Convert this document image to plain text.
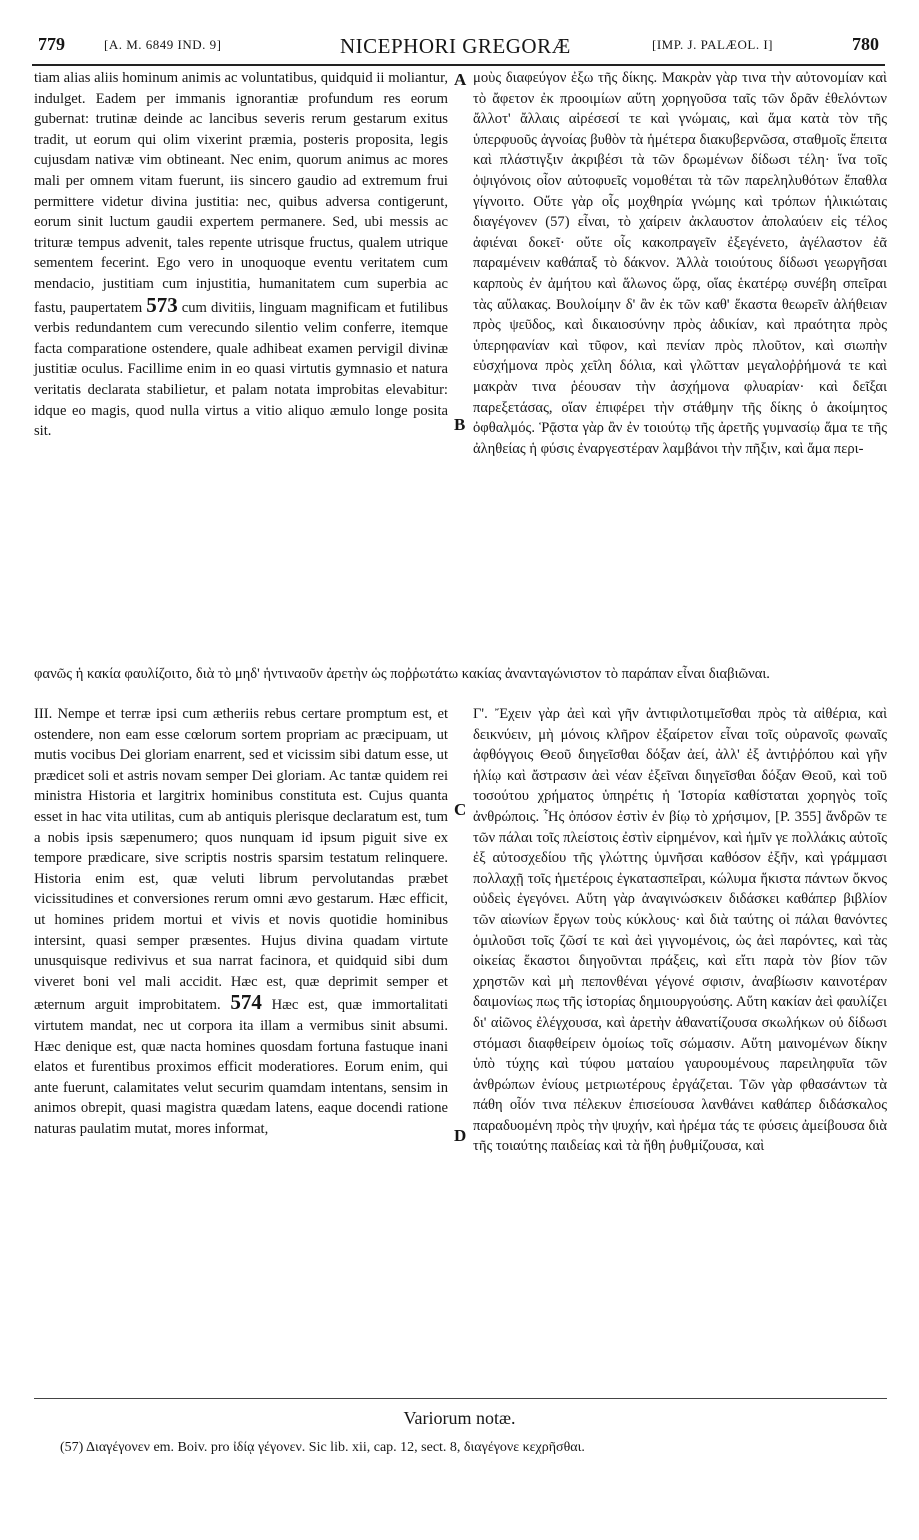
779	[A. M. 6849 IND. 9]	NICEPHORI GREGORÆ	[IMP. J. PALÆOL. I]	780
A
B
C
D

tiam alias aliis hominum animis ac voluntatibus, quidquid ii moliantur, indulget. Eadem per immanis ignorantiæ profundum res eorum gubernat: trutinæ deinde ac lancibus severis rerum gestarum exitus tradit, ut eorum qui olim vixerint præmia, posteris proposita, legis cujusdam nativæ vim obtineant. Nec enim, quorum animus ac mores mali per omnem vitam fuerunt, iis sincero gaudio ad extremum frui permittere videtur divina justitia: nec, quibus adversa contigerunt, eorum sinit luctum gaudii expertem permanere. Sed, ubi messis ac trituræ tempus advenit, tales repente utrisque fructus, qualem utrique sementem fecerint. Ego vero in unoquoque eventu veritatem cum mendacio, justitiam cum injustitia, humanitatem cum superbia ac fastu, paupertatem 573 cum divitiis, linguam magnificam et futilibus verbis redundantem cum verecundo silentio velim conferre, itemque facta comparatione ostendere, quale adhibeat examen pervigil divinæ justitiæ oculus. Facillime enim in eo quasi virtutis gymnasio et natura veritatis declarata stabilietur, et palam notata improbitas elevabitur: idque eo magis, quod nulla virtus a vitio aliquo æmulo longe posita sit.

μοὺς διαφεύγον ἐξω τῆς δίκης. Μακρὰν γὰρ τινα τὴν αὐτονομίαν καὶ τὸ ἄφετον ἐκ προοιμίων αὕτη χορηγοῦσα ταῖς τῶν δρᾶν ἐθελόντων ἄλλοτ' ἄλλαις αἱρέσεσί τε καὶ γνώμαις, καὶ ἅμα κατὰ τὸν τῆς ὑπερφυοῦς ἀγνοίας βυθὸν τὰ ἡμέτερα διακυβερνῶσα, σταθμοῖς ἔπειτα καὶ πλάστιγξιν ἀκριβέσι τὰ τῶν δρωμένων δίδωσι τέλη· ἵνα τοῖς ὀψιγόνοις οἷον αὐτοφυεῖς νομοθέται τὰ τῶν παρεληλυθότων ἔπαθλα γίγνοιτο. Οὔτε γὰρ οἷς μοχθηρία γνώμης καὶ τρόπων ἡλικιώταις διαγέγονεν (57) εἶναι, τὸ χαίρειν ἀκλαυστον ἀπολαύειν εἰς τέλος ἀφιέναι δοκεῖ· οὔτε οἷς κακοπραγεῖν ἐξεγένετο, ἀγέλαστον ἐᾶ παραμένειν καθάπαξ τὸ δάκνον. Ἀλλὰ τοιούτους δίδωσι γεωργῆσαι καρποὺς ἐν ἀμήτου καὶ ἅλωνος ὥρᾳ, οἵας ἑκατέρῳ συνέβη σπεῖραι τὰς αὔλακας. Βουλοίμην δ' ἂν ἐκ τῶν καθ' ἕκαστα θεωρεῖν ἀλήθειαν πρὸς ψεῦδος, καὶ δικαιοσύνην πρὸς ἀδικίαν, καὶ πραότητα πρὸς ὑπερηφανίαν καὶ τῦφον, καὶ πενίαν πρὸς πλοῦτον, καὶ σιωπὴν εὐσχήμονα πρὸς χεῖλη δόλια, καὶ γλῶτταν μεγαλοῤῥήμονά τε καὶ μακρὰν τινα ῥέουσαν τὴν ἀσχήμονα φλυαρίαν· καὶ δεῖξαι παρεξετάσας, οἵαν ἐπιφέρει τὴν στάθμην τῆς δίκης ὁ ἀκοίμητος ὀφθαλμός. Ῥᾷστα γὰρ ἂν ἐν τοιούτῳ τῆς ἀρετῆς γυμνασίῳ ἅμα τε τῆς ἀληθείας ἡ φύσις ἐναργεστέραν λαμβάνοι τὴν πῆξιν, καὶ ἅμα περι-

φανῶς ἡ κακία φαυλίζοιτο, διὰ τὸ μηδ' ἡντιναοῦν ἀρετὴν ὡς ποῤῥωτάτω κακίας ἀνανταγώνιστον τὸ παράπαν εἶναι διαβιῶναι.

III. Nempe et terræ ipsi cum ætheriis rebus certare promptum est, et ostendere, non eam esse cœlorum sortem propriam ac præcipuam, ut mutis vocibus Dei gloriam enarrent, sed et vicissim sibi datum esse, ut prædicet soli et astris novam semper Dei gloriam. Ac tantæ quidem rei ministra Historia et largitrix hominibus constituta est. Cujus quanta esset in hac vita utilitas, cum ab antiquis plerisque declaratum est, tum a nobis ipsis sæpenumero; quos nunquam id ipsum piguit sive ex tempore prædicare, sive scriptis nostris sparsim testatum relinquere. Historia enim est, quæ veluti librum pervolutandas præbet vicissitudines et conversiones rerum omni ævo gestarum. Hæc efficit, ut homines pridem mortui et vivis et novis quotidie hominibus intersint, quasi semper præsentes. Hujus divina quadam virtute unusquisque redivivus et sua narrat facinora, et quidquid sibi dum viveret boni vel mali accidit. Hæc est, quæ deprimit semper et æternum arguit improbitatem. 574 Hæc est, quæ immortalitati virtutem mandat, nec ut corpora ita illam a vermibus sinit absumi. Hæc denique est, quæ nacta homines quosdam fortuna fastuque inani elatos et furentibus proximos efficit moderatiores. Eorum enim, qui ante fuerunt, calamitates velut securim quamdam intentans, sensim in animos obrepit, quasi magistra quædam latens, eaque docendi ratione naturas paulatim mutat, mores informat,

Γ'. Ἔχειν γὰρ ἀεὶ καὶ γῆν ἀντιφιλοτιμεῖσθαι πρὸς τὰ αἰθέρια, καὶ δεικνύειν, μὴ μόνοις κλῆρον ἐξαίρετον εἶναι τοῖς οὐρανοῖς φωναῖς ἀφθόγγοις Θεοῦ διηγεῖσθαι δόξαν ἀεί, ἀλλ' ἐξ ἀντιῤῥόπου καὶ γῆν ἡλίῳ καὶ ἄστρασιν ἀεὶ νέαν ἐξεῖναι διηγεῖσθαι δόξαν Θεοῦ, καὶ τοῦ τοσούτου χρήματος ὑπηρέτις ἡ Ἱστορία καθίσταται χορηγὸς τοῖς ἀνθρώποις. Ἧς ὁπόσον ἐστὶν ἐν βίῳ τὸ χρήσιμον, [P. 355] ἄνδρῶν τε τῶν πάλαι τοῖς πλείστοις ἐστὶν εἰρημένον, καὶ ἡμῖν γε πολλάκις αὐτοῖς ἐξ αὐτοσχεδίου τῆς γλώττης ὑμνῆσαι καθόσον ἐξῆν, καὶ γράμμασι πολλαχῇ τοῖς ἡμετέροις ἐγκατασπεῖραι, κώλυμα ἥκιστα πάντων ὄκνος οὐδεὶς ἐγεγόνει. Αὕτη γὰρ ἀναγινώσκειν διδάσκει καθάπερ βιβλίον τῶν αἰωνίων ἔργων τοὺς κύκλους· καὶ διὰ ταύτης οἱ πάλαι θανόντες ὁμιλοῦσι τοῖς ζῶσί τε καὶ ἀεὶ γιγνομένοις, ὡς ἀεὶ παρόντες, καὶ τὰς οἰκείας ἕκαστοι διηγοῦνται πράξεις, καὶ εἴτι παρὰ τὸν βίον τῶν χρηστῶν καὶ μὴ πεπονθέναι γέγονέ σφισιν, ἀναβίωσιν καινοτέραν δαιμονίως πως τῆς ἱστορίας δημιουργούσης. Αὕτη κακίαν ἀεὶ φαυλίζει δι' αἰῶνος ἐλέγχουσα, καὶ ἀρετὴν ἀθανατίζουσα σκωλήκων οὐ δίδωσι στόμασι διαφθείρειν ὁμοίως τοῖς σώμασιν. Αὕτη μαινομένων δίκην ὑπὸ τύχης καὶ τύφου ματαίου γαυρουμένους παρειληφυῖα τῶν ἀνθρώπων ἐνίους μετριωτέρους ἐργάζεται. Τῶν γὰρ φθασάντων τὰ πάθη οἷόν τινα πέλεκυν ἐπισείουσα λανθάνει καθάπερ διδάσκαλος παραδυομένη πρὸς τὴν ψυχήν, καὶ ἠρέμα τάς τε φύσεις ἀμείβουσα διὰ τῆς τοιαύτης παιδείας καὶ τὰ ἤθη ῥυθμίζουσα, καὶ

Variorum notæ.
(57) Διαγέγονεν em. Boiv. pro ἰδίᾳ γέγονεν. Sic lib. xii, cap. 12, sect. 8, διαγέγονε κεχρῆσθαι.
